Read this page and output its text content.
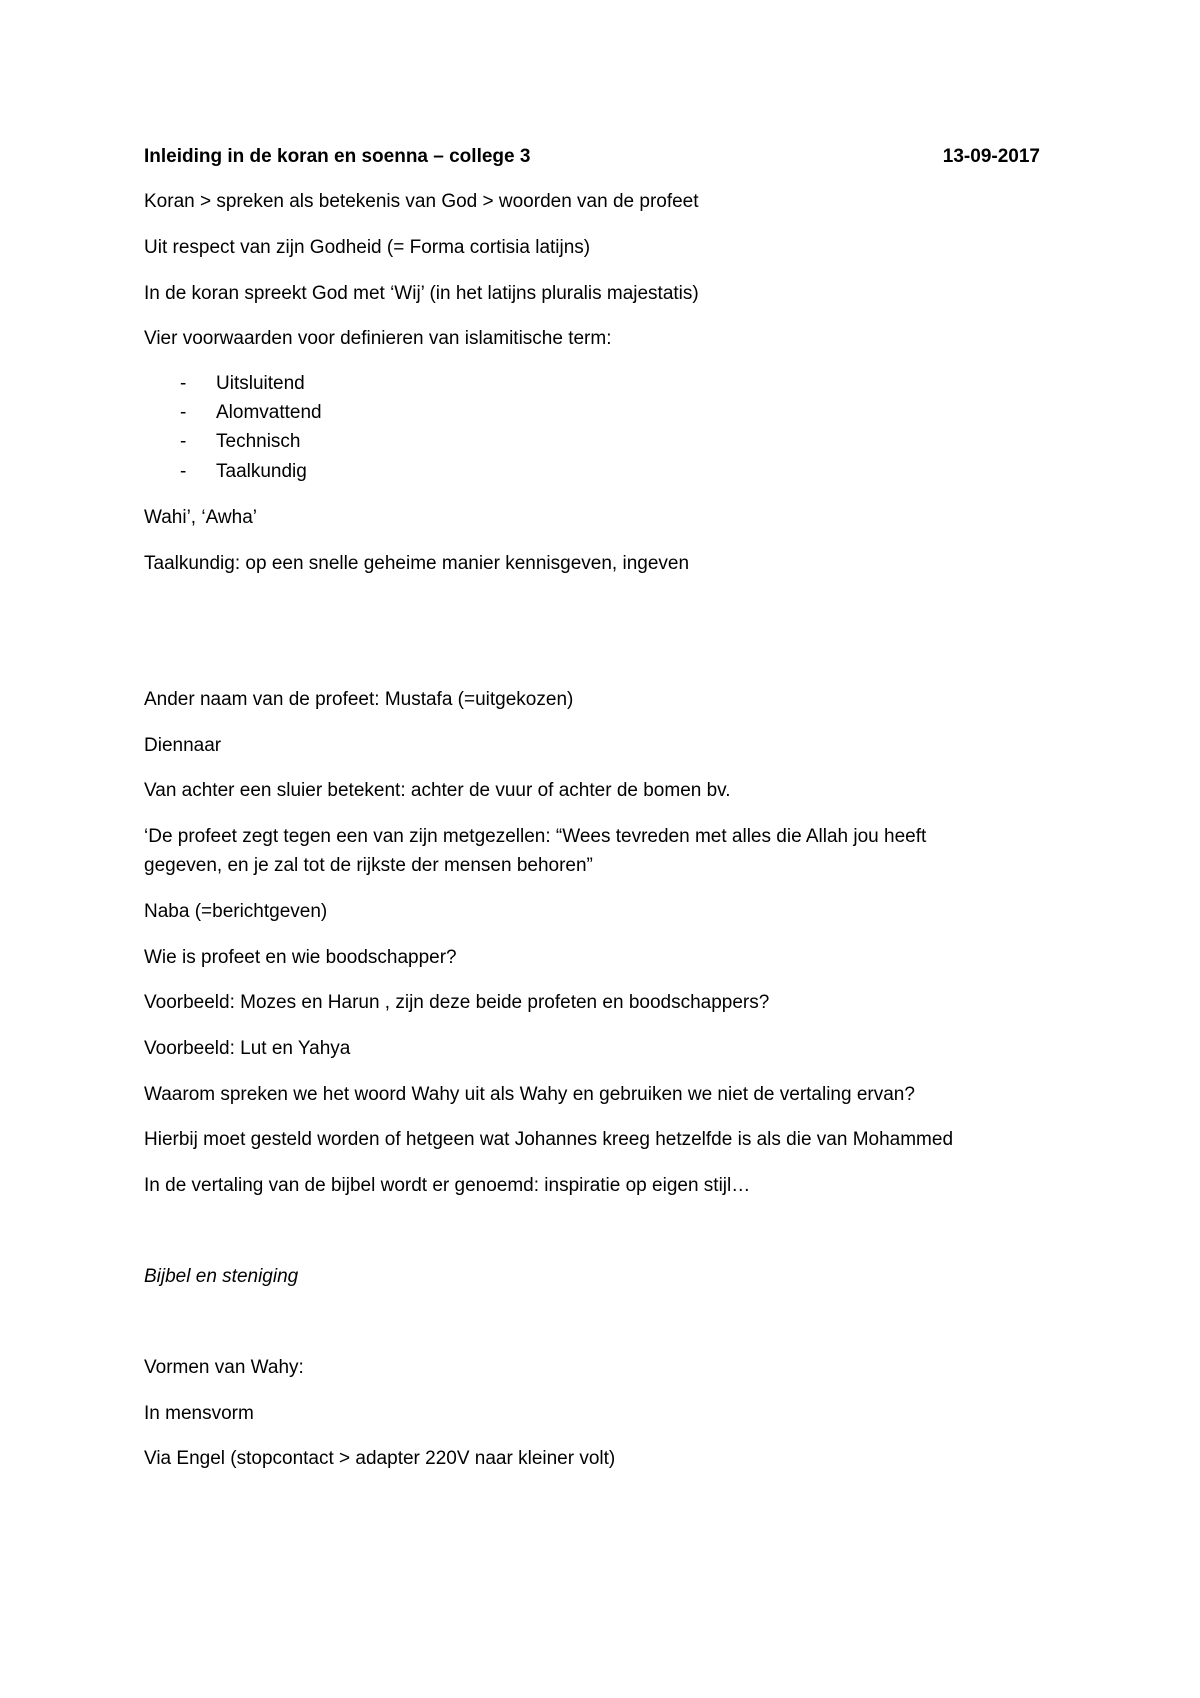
Inleiding in de koran en soenna – college 3	13-09-2017
Koran > spreken als betekenis van God > woorden van de profeet
Uit respect van zijn Godheid (= Forma cortisia latijns)
In de koran spreekt God met ‘Wij’ (in het latijns pluralis majestatis)
Vier voorwaarden voor definieren van islamitische term:
- Uitsluitend
- Alomvattend
- Technisch
- Taalkundig
Wahi’, ‘Awha’
Taalkundig: op een snelle geheime manier kennisgeven, ingeven
Ander naam van de profeet: Mustafa (=uitgekozen)
Diennaar
Van achter een sluier betekent: achter de vuur of achter de bomen bv.
‘De profeet zegt tegen een van zijn metgezellen: “Wees tevreden met alles die Allah jou heeft
gegeven, en je zal tot de rijkste der mensen behoren”
Naba (=berichtgeven)
Wie is profeet en wie boodschapper?
Voorbeeld: Mozes en Harun , zijn deze beide profeten en boodschappers?
Voorbeeld: Lut en Yahya
Waarom spreken we het woord Wahy uit als Wahy en gebruiken we niet de vertaling ervan?
Hierbij moet gesteld worden of hetgeen wat Johannes kreeg hetzelfde is als die van Mohammed
In de vertaling van de bijbel wordt er genoemd: inspiratie op eigen stijl…
Bijbel en steniging
Vormen van Wahy:
In mensvorm
Via Engel (stopcontact > adapter 220V naar kleiner volt)
